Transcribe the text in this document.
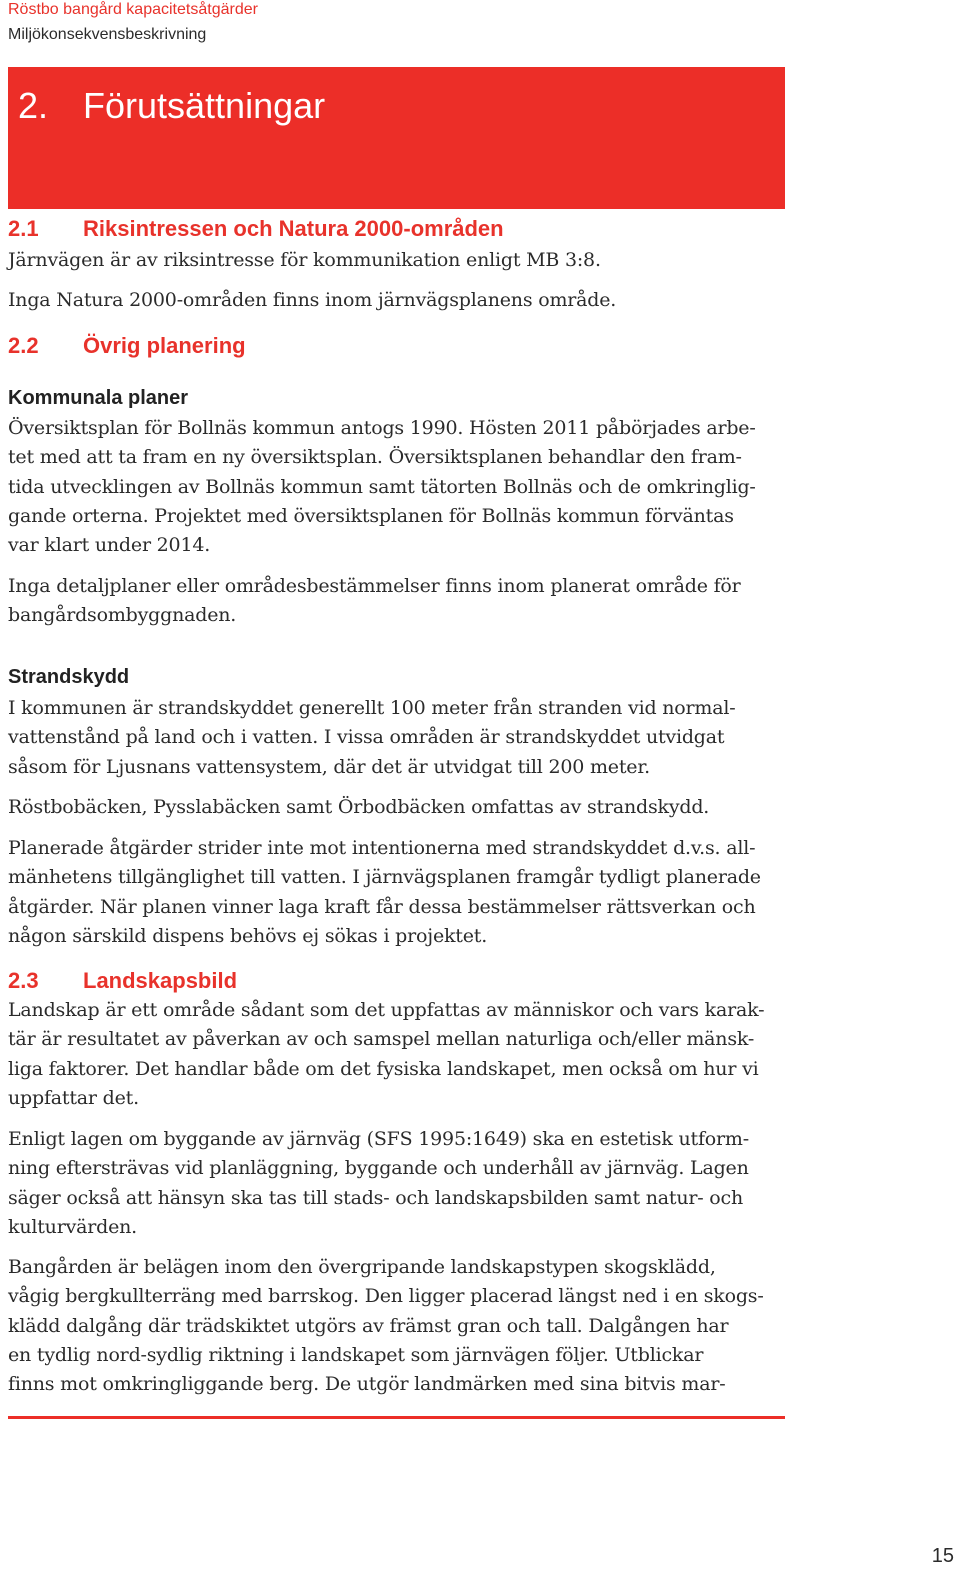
Röstbo bangård kapacitetsåtgärder
Miljökonsekvensbeskrivning
2. Förutsättningar
2.1 Riksintressen och Natura 2000-områden
Järnvägen är av riksintresse för kommunikation enligt MB 3:8.
Inga Natura 2000-områden finns inom järnvägsplanens område.
2.2 Övrig planering
Kommunala planer
Översiktsplan för Bollnäs kommun antogs 1990. Hösten 2011 påbörjades arbe-
tet med att ta fram en ny översiktsplan. Översiktsplanen behandlar den fram-
tida utvecklingen av Bollnäs kommun samt tätorten Bollnäs och de omkringlig-
gande orterna. Projektet med översiktsplanen för Bollnäs kommun förväntas
var klart under 2014.
Inga detaljplaner eller områdesbestämmelser finns inom planerat område för
bangårdsombyggnaden.
Strandskydd
I kommunen är strandskyddet generellt 100 meter från stranden vid normal-
vattenstånd på land och i vatten. I vissa områden är strandskyddet utvidgat
såsom för Ljusnans vattensystem, där det är utvidgat till 200 meter.
Röstbobäcken, Pysslabäcken samt Örbodbäcken omfattas av strandskydd.
Planerade åtgärder strider inte mot intentionerna med strandskyddet d.v.s. all-
mänhetens tillgänglighet till vatten. I järnvägsplanen framgår tydligt planerade
åtgärder. När planen vinner laga kraft får dessa bestämmelser rättsverkan och
någon särskild dispens behövs ej sökas i projektet.
2.3 Landskapsbild
Landskap är ett område sådant som det uppfattas av människor och vars karak-
tär är resultatet av påverkan av och samspel mellan naturliga och/eller mänsk-
liga faktorer. Det handlar både om det fysiska landskapet, men också om hur vi
uppfattar det.
Enligt lagen om byggande av järnväg (SFS 1995:1649) ska en estetisk utform-
ning eftersträvas vid planläggning, byggande och underhåll av järnväg. Lagen
säger också att hänsyn ska tas till stads- och landskapsbilden samt natur- och
kulturvärden.
Bangården är belägen inom den övergripande landskapstypen skogsklädd,
vågig bergkullterräng med barrskog. Den ligger placerad längst ned i en skogs-
klädd dalgång där trädskiktet utgörs av främst gran och tall. Dalgången har
en tydlig nord-sydlig riktning i landskapet som järnvägen följer. Utblickar
finns mot omkringliggande berg. De utgör landmärken med sina bitvis mar-
15
